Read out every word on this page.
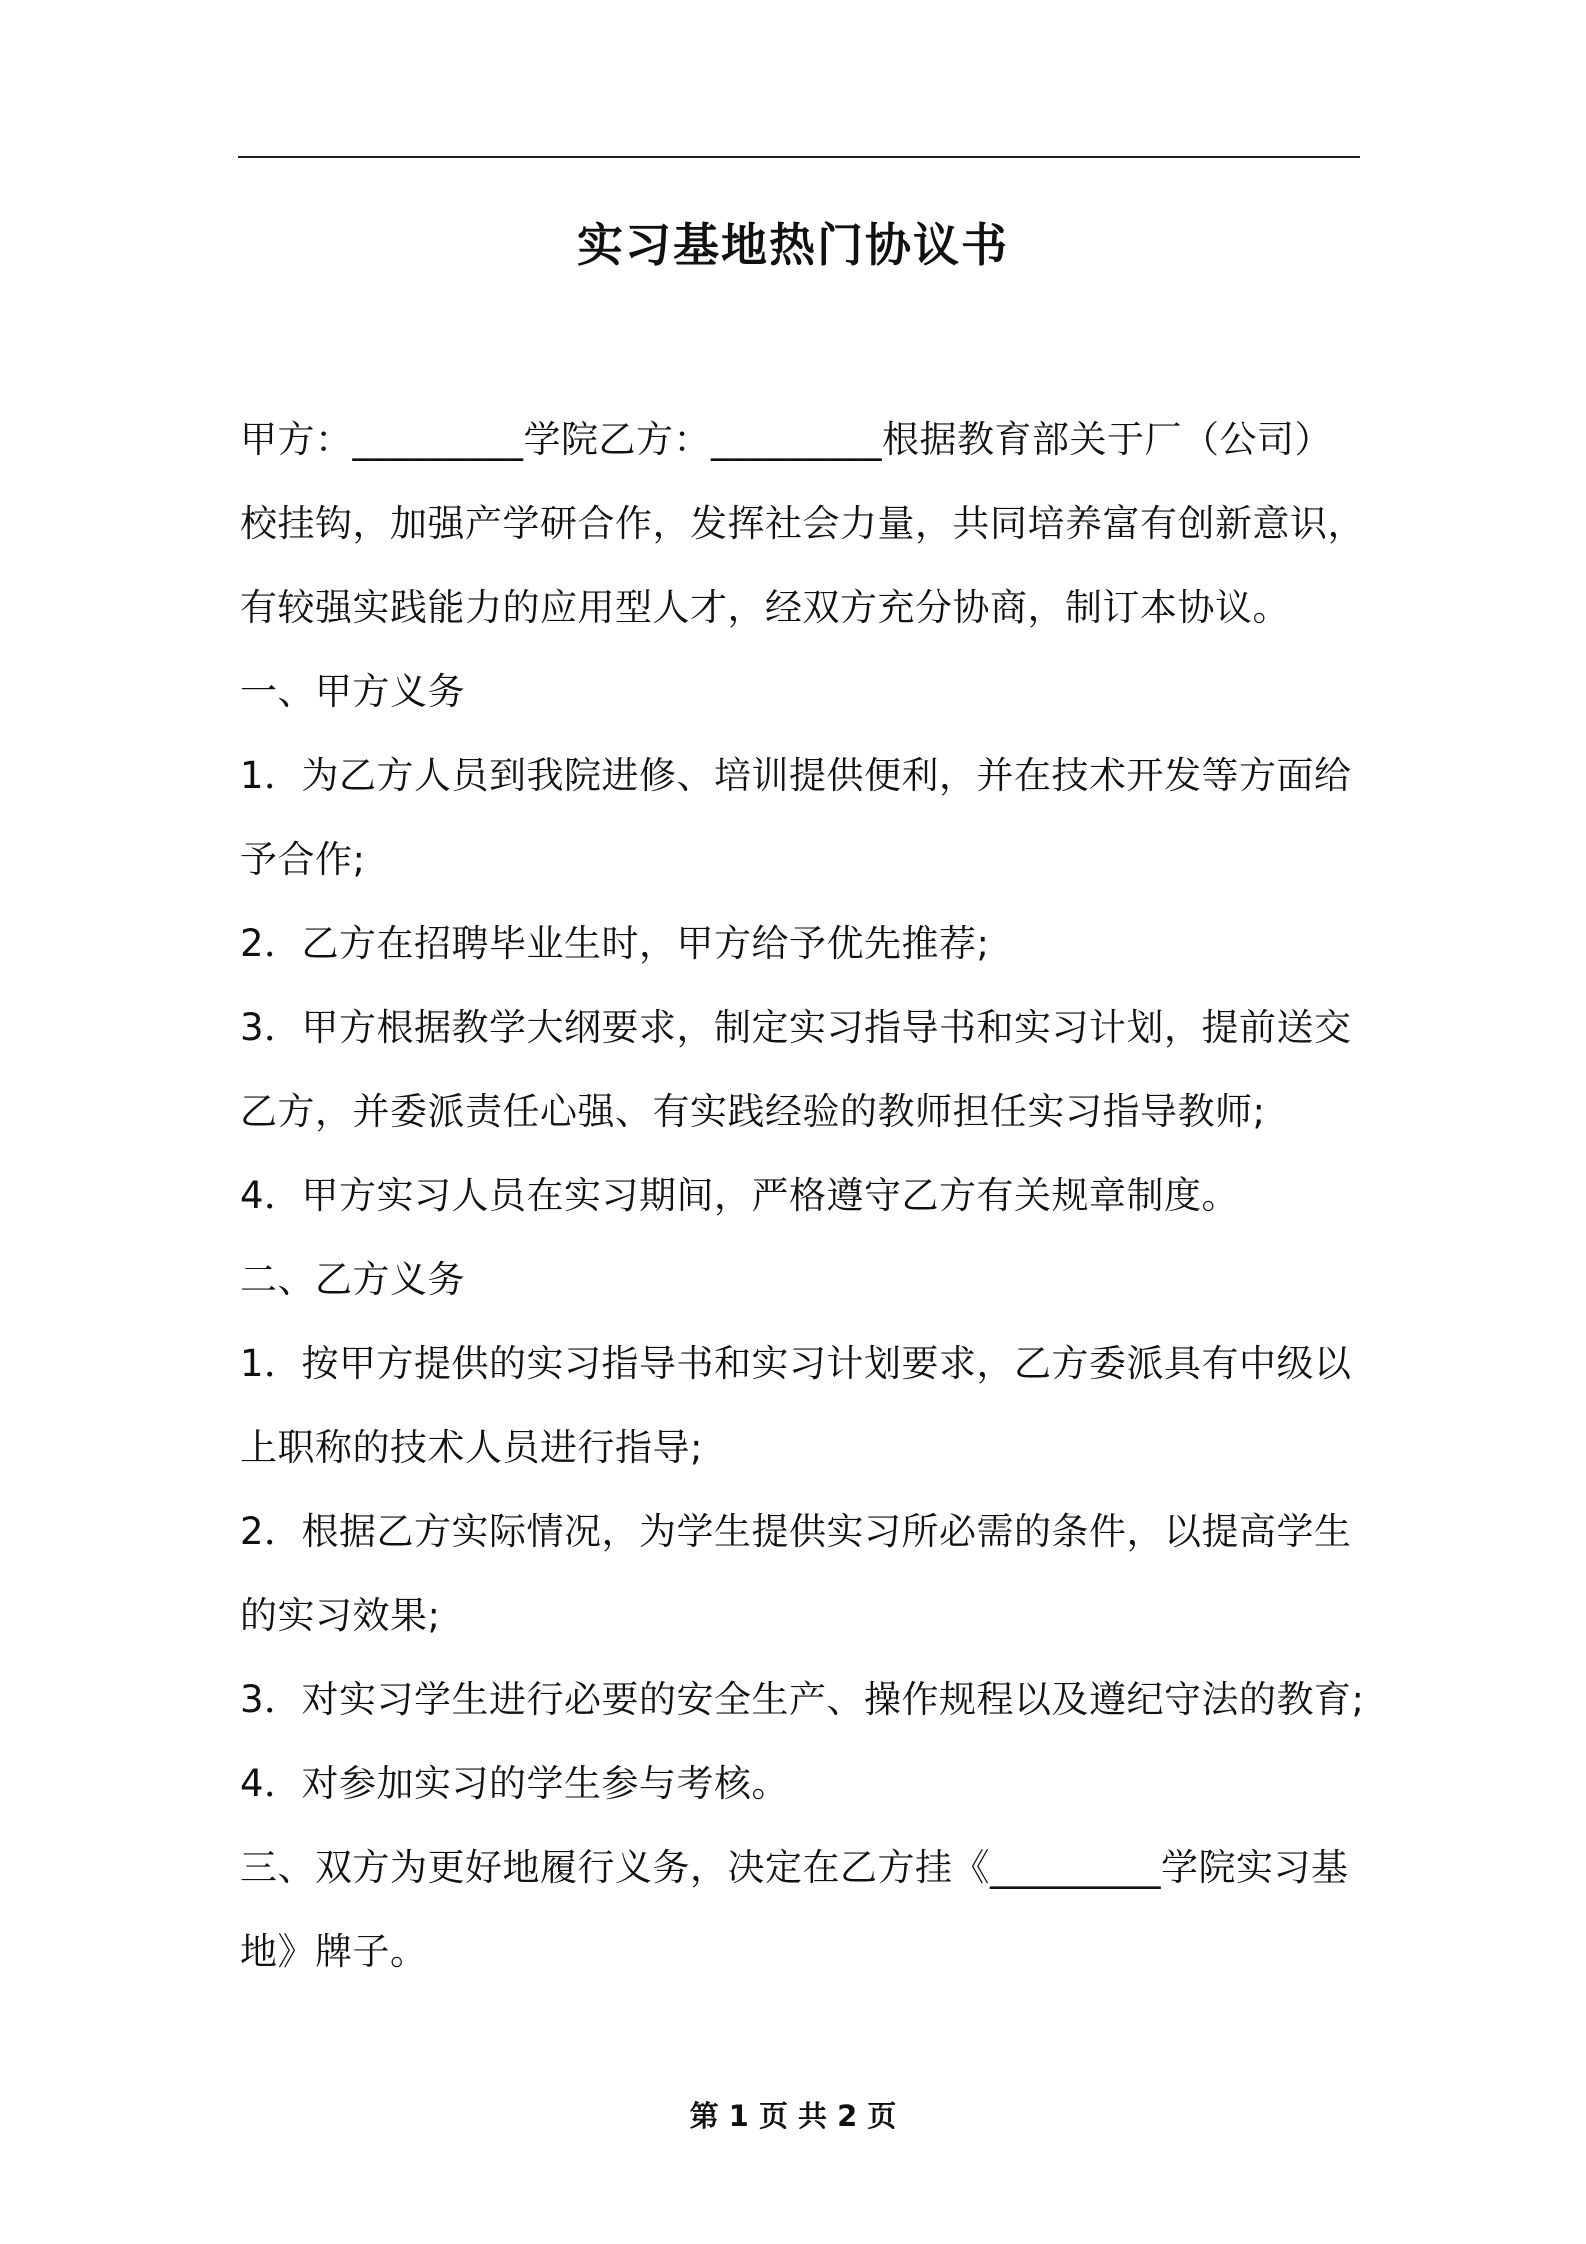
实习基地热门协议书
甲方：_________学院乙方：_________根据教育部关于厂（公司）
校挂钩，加强产学研合作，发挥社会力量，共同培养富有创新意识，
有较强实践能力的应用型人才，经双方充分协商，制订本协议。
一、甲方义务
1．为乙方人员到我院进修、培训提供便利，并在技术开发等方面给
予合作;
2．乙方在招聘毕业生时，甲方给予优先推荐;
3．甲方根据教学大纲要求，制定实习指导书和实习计划，提前送交
乙方，并委派责任心强、有实践经验的教师担任实习指导教师;
4．甲方实习人员在实习期间，严格遵守乙方有关规章制度。
二、乙方义务
1．按甲方提供的实习指导书和实习计划要求，乙方委派具有中级以
上职称的技术人员进行指导;
2．根据乙方实际情况，为学生提供实习所必需的条件，以提高学生
的实习效果;
3．对实习学生进行必要的安全生产、操作规程以及遵纪守法的教育;
4．对参加实习的学生参与考核。
三、双方为更好地履行义务，决定在乙方挂《_________学院实习基
地》牌子。
第 1 页 共 2 页
